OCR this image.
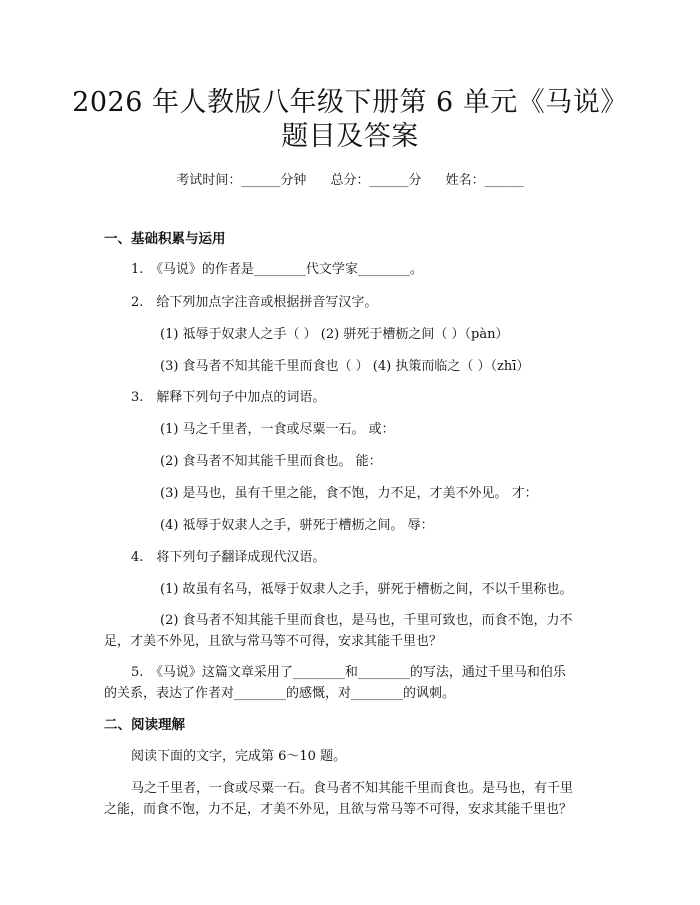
2026 年人教版八年级下册第 6 单元《马说》
题目及答案
考试时间：______分钟 总分：______分 姓名：______
一、基础积累与运用
1.　《马说》的作者是________代文学家________。
2.　给下列加点字注音或根据拼音写汉字。
(1) 祗辱于奴隶人之手（ ） (2) 骈死于槽枥之间（ ）（pàn）
(3) 食马者不知其能千里而食也（ ） (4) 执策而临之（ ）（zhī）
3.　解释下列句子中加点的词语。
(1) 马之千里者，一食或尽粟一石。 或：
(2) 食马者不知其能千里而食也。 能：
(3) 是马也，虽有千里之能，食不饱，力不足，才美不外见。 才：
(4) 祗辱于奴隶人之手，骈死于槽枥之间。 辱：
4.　将下列句子翻译成现代汉语。
(1) 故虽有名马，祗辱于奴隶人之手，骈死于槽枥之间，不以千里称也。
(2) 食马者不知其能千里而食也，是马也，千里可致也，而食不饱，力不
足，才美不外见，且欲与常马等不可得，安求其能千里也？
5.　《马说》这篇文章采用了________和________的写法，通过千里马和伯乐
的关系，表达了作者对________的感慨，对________的讽刺。
二、阅读理解
阅读下面的文字，完成第 6～10 题。
马之千里者，一食或尽粟一石。食马者不知其能千里而食也。是马也，有千里
之能，而食不饱，力不足，才美不外见，且欲与常马等不可得，安求其能千里也？
